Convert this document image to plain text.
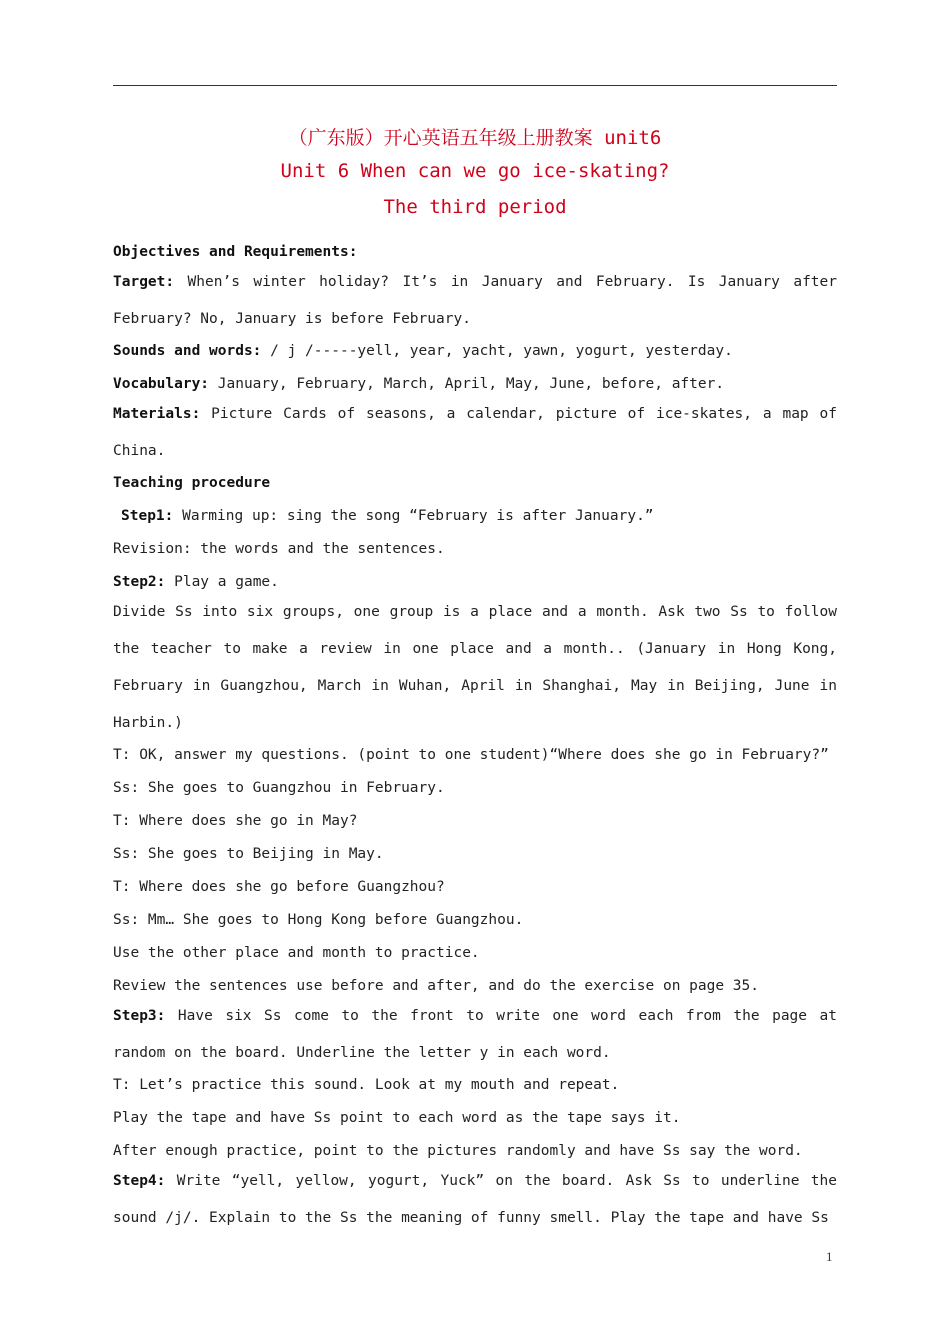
（广东版）开心英语五年级上册教案 unit6
Unit 6 When can we go ice-skating?
The third period

Objectives and Requirements:

Target: When’s winter holiday? It’s in January and February. Is January after February? No, January is before February.

Sounds and words: / j /-----yell, year, yacht, yawn, yogurt, yesterday.

Vocabulary: January, February, March, April, May, June, before, after.

Materials: Picture Cards of seasons, a calendar, picture of ice-skates, a map of China.

Teaching procedure

Step1: Warming up: sing the song “February is after January.”

Revision: the words and the sentences.

Step2: Play a game.

Divide Ss into six groups, one group is a place and a month. Ask two Ss to follow the teacher to make a review in one place and a month.. (January in Hong Kong, February in Guangzhou, March in Wuhan, April in Shanghai, May in Beijing, June in Harbin.)

T: OK, answer my questions. (point to one student)“Where does she go in February?”

Ss: She goes to Guangzhou in February.

T: Where does she go in May?

Ss: She goes to Beijing in May.

T: Where does she go before Guangzhou?

Ss: Mm… She goes to Hong Kong before Guangzhou.

Use the other place and month to practice.

Review the sentences use before and after, and do the exercise on page 35.

Step3: Have six Ss come to the front to write one word each from the page at random on the board. Underline the letter y in each word.

T: Let’s practice this sound. Look at my mouth and repeat.

Play the tape and have Ss point to each word as the tape says it.

After enough practice, point to the pictures randomly and have Ss say the word.

Step4: Write “yell, yellow, yogurt, Yuck” on the board. Ask Ss to underline the sound /j/. Explain to the Ss the meaning of funny smell. Play the tape and have Ss

1
